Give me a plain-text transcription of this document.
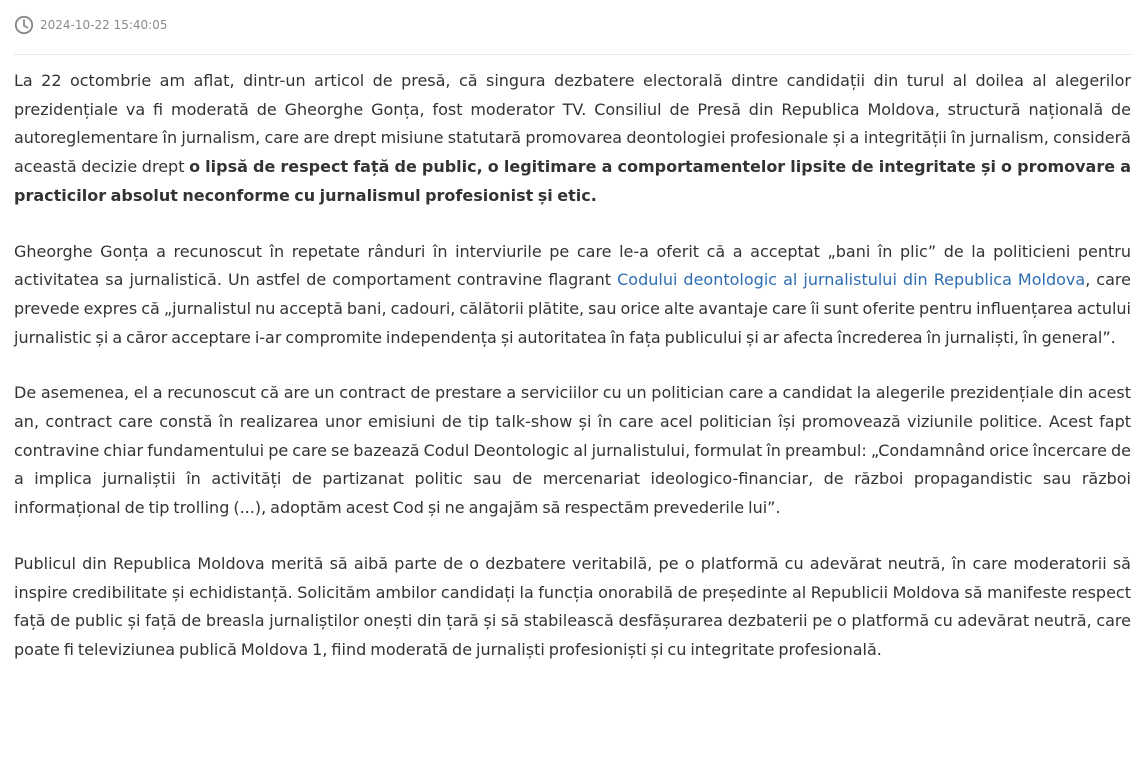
2024-10-22 15:40:05

La 22 octombrie am aflat, dintr-un articol de presă, că singura dezbatere electorală dintre candidații din turul al doilea al alegerilor prezidențiale va fi moderată de Gheorghe Gonța, fost moderator TV. Consiliul de Presă din Republica Moldova, structură națională de autoreglementare în jurnalism, care are drept misiune statutară promovarea deontologiei profesionale și a integrității în jurnalism, consideră această decizie drept o lipsă de respect față de public, o legitimare a comportamentelor lipsite de integritate și o promovare a practicilor absolut neconforme cu jurnalismul profesionist și etic.

Gheorghe Gonța a recunoscut în repetate rânduri în interviurile pe care le-a oferit că a acceptat „bani în plic” de la politicieni pentru activitatea sa jurnalistică. Un astfel de comportament contravine flagrant Codului deontologic al jurnalistului din Republica Moldova, care prevede expres că „jurnalistul nu acceptă bani, cadouri, călătorii plătite, sau orice alte avantaje care îi sunt oferite pentru influențarea actului jurnalistic și a căror acceptare i-ar compromite independența și autoritatea în fața publicului și ar afecta încrederea în jurnaliști, în general”.

De asemenea, el a recunoscut că are un contract de prestare a serviciilor cu un politician care a candidat la alegerile prezidențiale din acest an, contract care constă în realizarea unor emisiuni de tip talk-show și în care acel politician își promovează viziunile politice. Acest fapt contravine chiar fundamentului pe care se bazează Codul Deontologic al jurnalistului, formulat în preambul: „Condamnând orice încercare de a implica jurnaliștii în activități de partizanat politic sau de mercenariat ideologico-financiar, de război propagandistic sau război informațional de tip trolling (...), adoptăm acest Cod și ne angajăm să respectăm prevederile lui”.

Publicul din Republica Moldova merită să aibă parte de o dezbatere veritabilă, pe o platformă cu adevărat neutră, în care moderatorii să inspire credibilitate și echidistanță. Solicităm ambilor candidați la funcția onorabilă de președinte al Republicii Moldova să manifeste respect față de public și față de breasla jurnaliștilor onești din țară și să stabilească desfășurarea dezbaterii pe o platformă cu adevărat neutră, care poate fi televiziunea publică Moldova 1, fiind moderată de jurnaliști profesioniști și cu integritate profesională.
